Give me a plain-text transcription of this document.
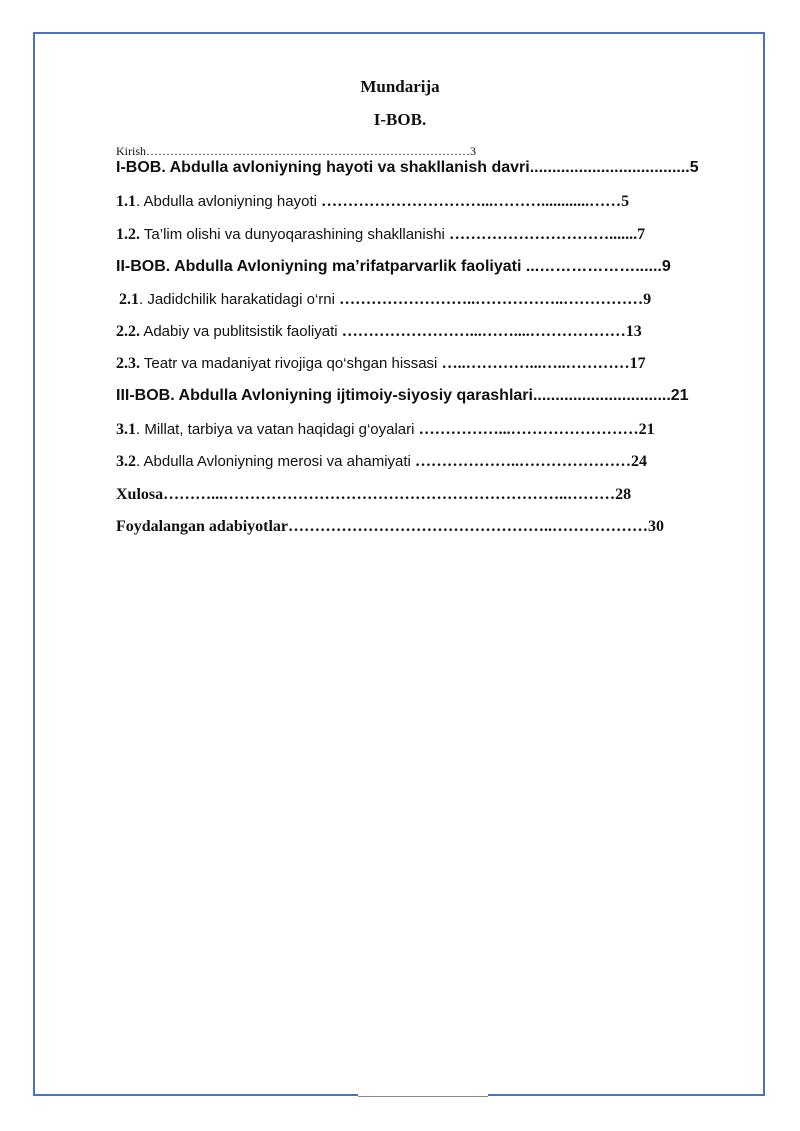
Mundarija
I-BOB.
Kirish………………………………………………………………………3
I-BOB. Abdulla avloniyning hayoti va shakllanish davri....................................5
1.1. Abdulla avloniyning hayoti …………………………...………............……5
1.2. Ta’lim olishi va dunyoqarashining shakllanishi ………………………….......7
II-BOB. Abdulla Avloniyning ma’rifatparvarlik faoliyati ...………………......9
2.1. Jadidchilik harakatidagi o‘rni ……………………..……………..……………9
2.2. Adabiy va publitsistik faoliyati ……………………...……....………………13
2.3. Teatr va madaniyat rivojiga qo‘shgan hissasi …..…………...…..…………17
III-BOB. Abdulla Avloniyning ijtimoiy-siyosiy qarashlari...............................21
3.1. Millat, tarbiya va vatan haqidagi g‘oyalari ……………...……………………21
3.2. Abdulla Avloniyning merosi va ahamiyati ………………..…………………24
Xulosa………...………………………………………………………..………28
Foydalangan adabiyotlar…………………………………………..………………30
